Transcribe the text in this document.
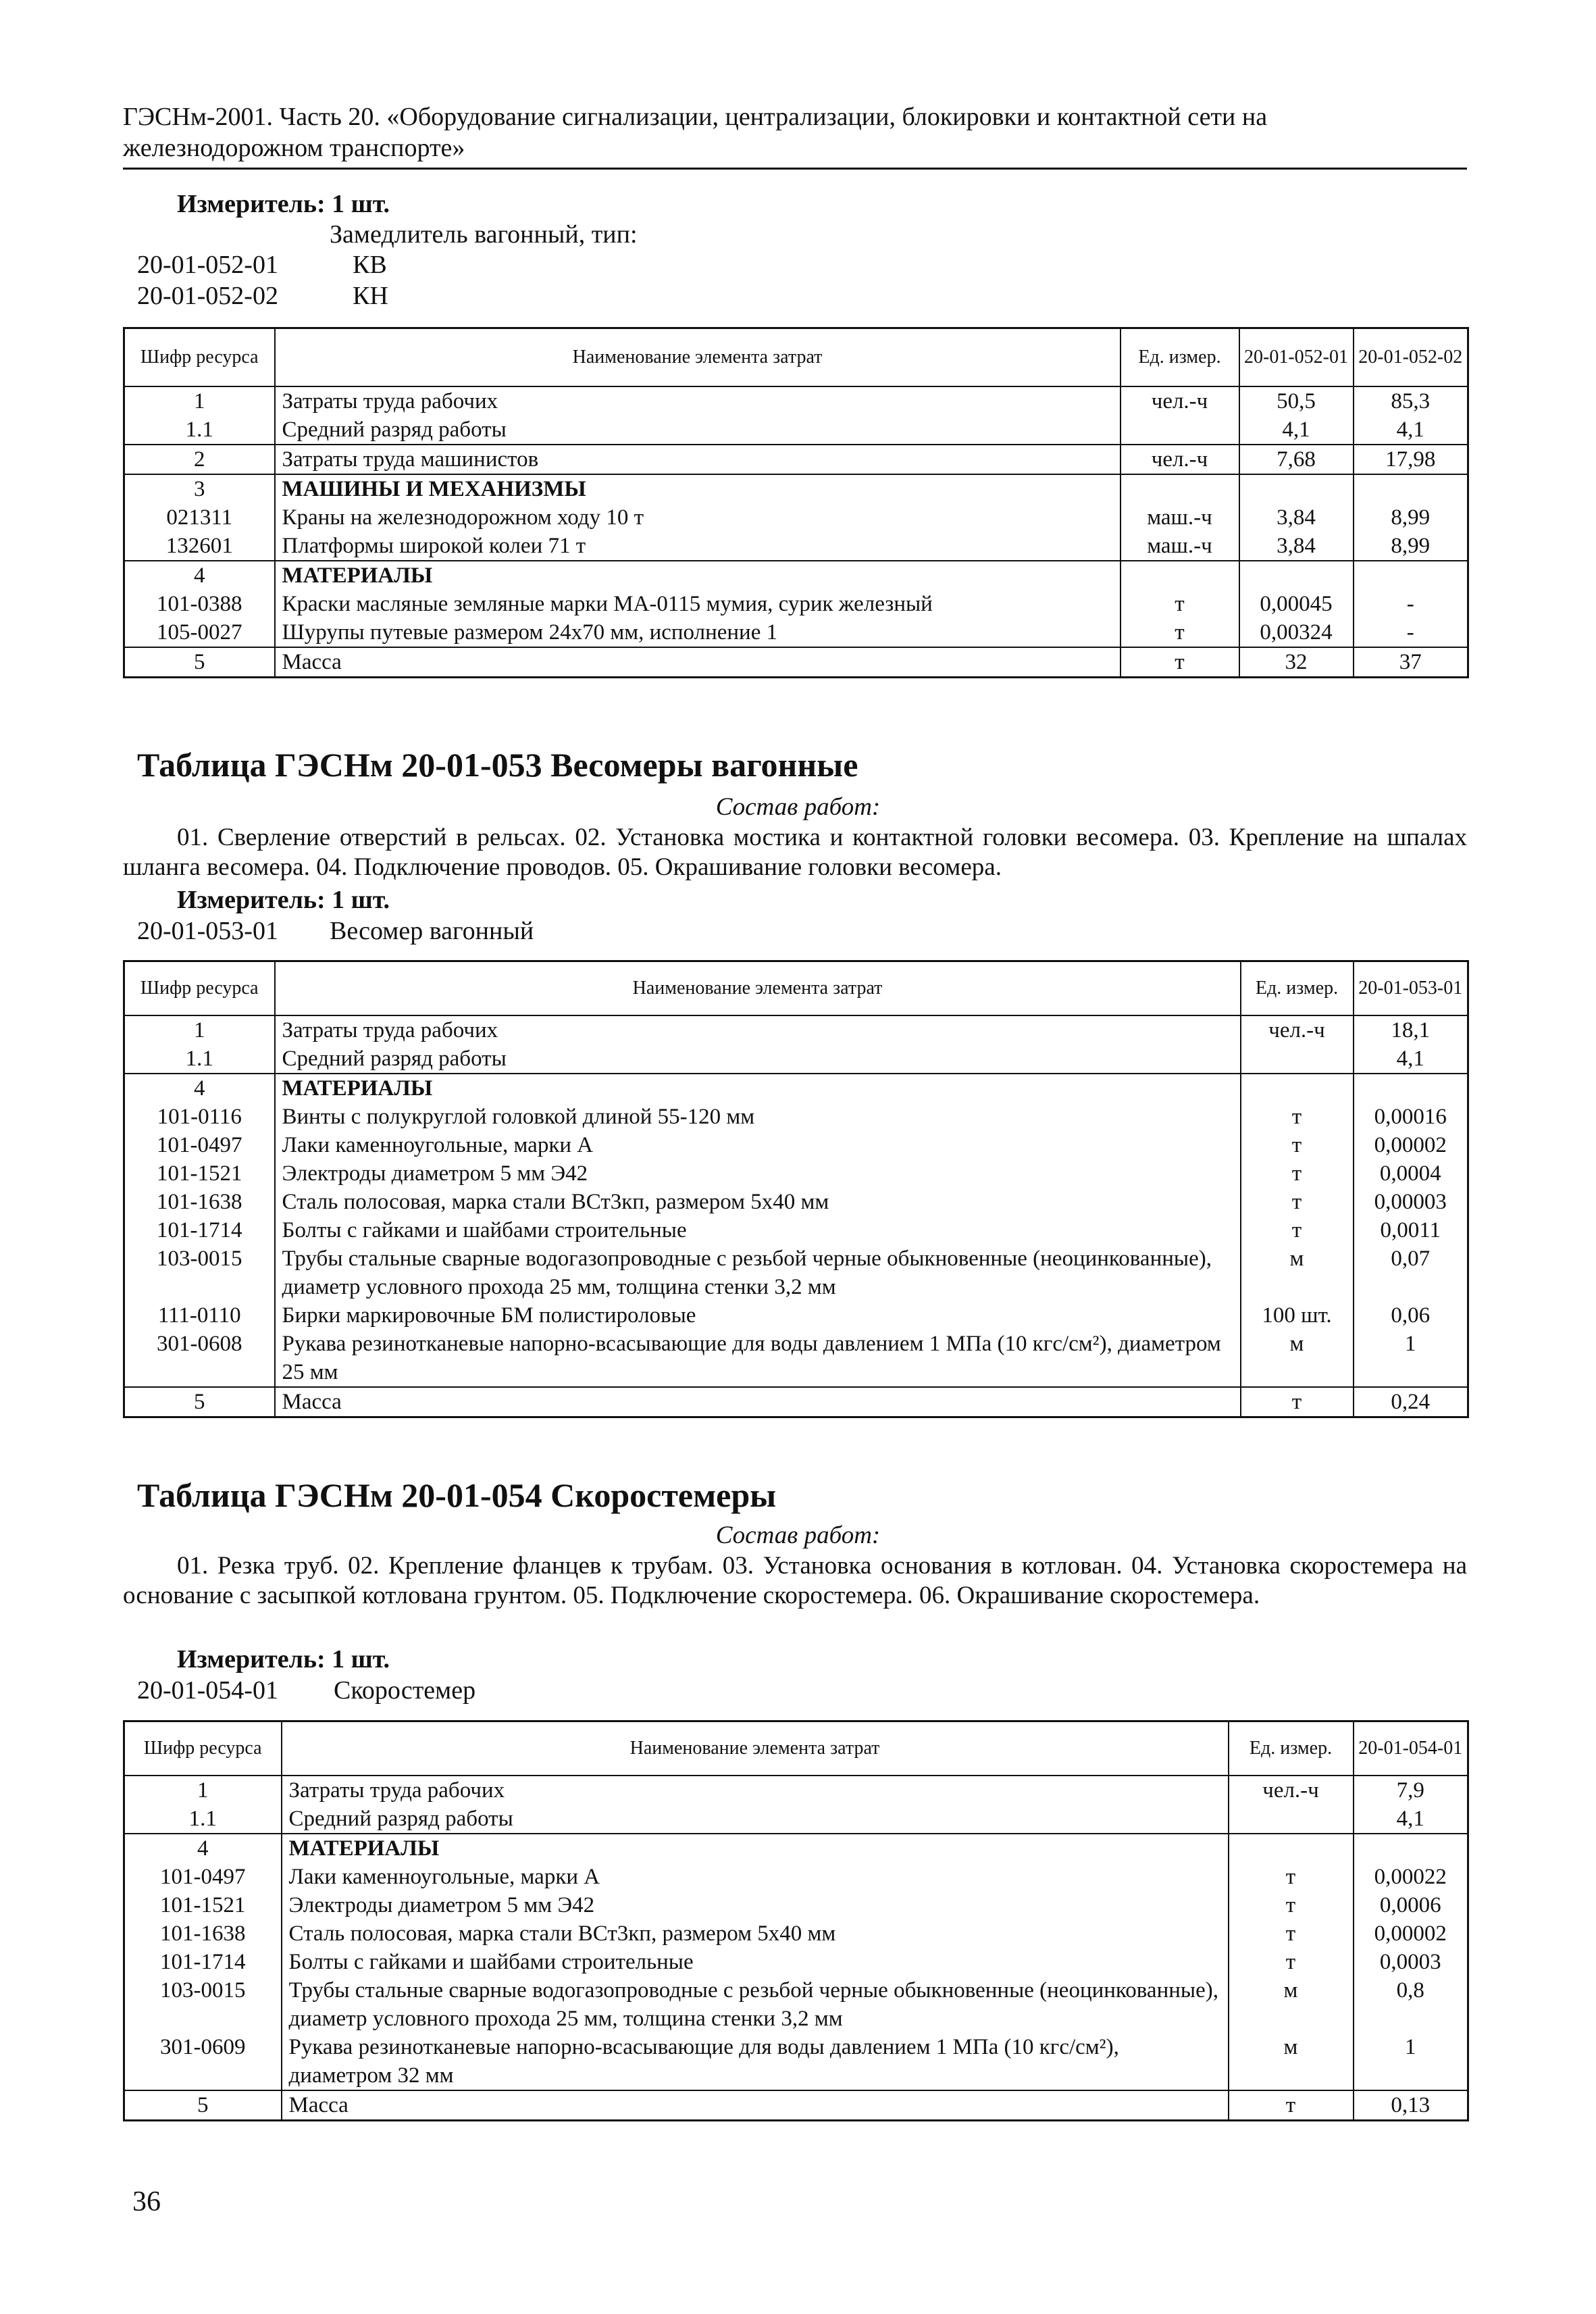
ГЭСНм-2001. Часть 20. «Оборудование сигнализации, централизации, блокировки и контактной сети на железнодорожном транспорте»
Измеритель: 1 шт.
Замедлитель вагонный, тип:
20-01-052-01	КВ
20-01-052-02	КН
Шифр ресурса	Наименование элемента затрат	Ед. измер.	20-01-052-01	20-01-052-02
1	Затраты труда рабочих	чел.-ч	50,5	85,3
1.1	Средний разряд работы		4,1	4,1
2	Затраты труда машинистов	чел.-ч	7,68	17,98
3	МАШИНЫ И МЕХАНИЗМЫ			
021311	Краны на железнодорожном ходу 10 т	маш.-ч	3,84	8,99
132601	Платформы широкой колеи 71 т	маш.-ч	3,84	8,99
4	МАТЕРИАЛЫ			
101-0388	Краски масляные земляные марки МА-0115 мумия, сурик железный	т	0,00045	-
105-0027	Шурупы путевые размером 24х70 мм, исполнение 1	т	0,00324	-
5	Масса	т	32	37
Таблица ГЭСНм 20-01-053 Весомеры вагонные
Состав работ:
01. Сверление отверстий в рельсах. 02. Установка мостика и контактной головки весомера. 03. Крепление на шпалах шланга весомера. 04. Подключение проводов. 05. Окрашивание головки весомера.
Измеритель: 1 шт.
20-01-053-01 Весомер вагонный
Шифр ресурса	Наименование элемента затрат	Ед. измер.	20-01-053-01
1	Затраты труда рабочих	чел.-ч	18,1
1.1	Средний разряд работы		4,1
4	МАТЕРИАЛЫ		
101-0116	Винты с полукруглой головкой длиной 55-120 мм	т	0,00016
101-0497	Лаки каменноугольные, марки А	т	0,00002
101-1521	Электроды диаметром 5 мм Э42	т	0,0004
101-1638	Сталь полосовая, марка стали ВСт3кп, размером 5х40 мм	т	0,00003
101-1714	Болты с гайками и шайбами строительные	т	0,0011
103-0015	Трубы стальные сварные водогазопроводные с резьбой черные обыкновенные (неоцинкованные), диаметр условного прохода 25 мм, толщина стенки 3,2 мм	м	0,07
111-0110	Бирки маркировочные БМ полистироловые	100 шт.	0,06
301-0608	Рукава резинотканевые напорно-всасывающие для воды давлением 1 МПа (10 кгс/см²), диаметром 25 мм	м	1
5	Масса	т	0,24
Таблица ГЭСНм 20-01-054 Скоростемеры
Состав работ:
01. Резка труб. 02. Крепление фланцев к трубам. 03. Установка основания в котлован. 04. Установка скоростемера на основание с засыпкой котлована грунтом. 05. Подключение скоростемера. 06. Окрашивание скоростемера.
Измеритель: 1 шт.
20-01-054-01 Скоростемер
Шифр ресурса	Наименование элемента затрат	Ед. измер.	20-01-054-01
1	Затраты труда рабочих	чел.-ч	7,9
1.1	Средний разряд работы		4,1
4	МАТЕРИАЛЫ		
101-0497	Лаки каменноугольные, марки А	т	0,00022
101-1521	Электроды диаметром 5 мм Э42	т	0,0006
101-1638	Сталь полосовая, марка стали ВСт3кп, размером 5х40 мм	т	0,00002
101-1714	Болты с гайками и шайбами строительные	т	0,0003
103-0015	Трубы стальные сварные водогазопроводные с резьбой черные обыкновенные (неоцинкованные), диаметр условного прохода 25 мм, толщина стенки 3,2 мм	м	0,8
301-0609	Рукава резинотканевые напорно-всасывающие для воды давлением 1 МПа (10 кгс/см²), диаметром 32 мм	м	1
5	Масса	т	0,13
36
